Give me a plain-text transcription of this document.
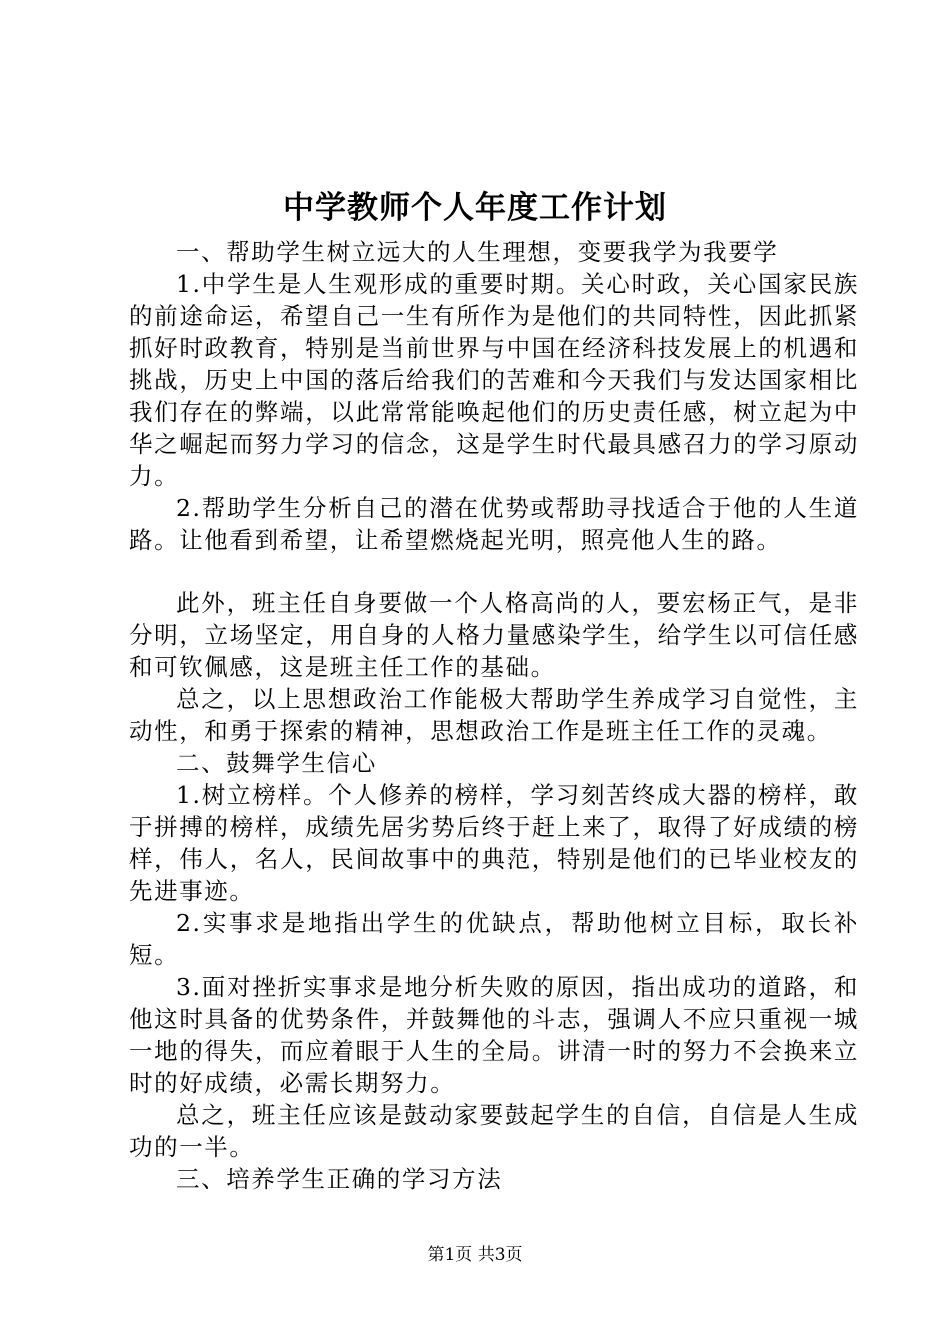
中学教师个人年度工作计划

一、帮助学生树立远大的人生理想，变要我学为我要学

1.中学生是人生观形成的重要时期。关心时政，关心国家民族的前途命运，希望自己一生有所作为是他们的共同特性，因此抓紧抓好时政教育，特别是当前世界与中国在经济科技发展上的机遇和挑战，历史上中国的落后给我们的苦难和今天我们与发达国家相比我们存在的弊端，以此常常能唤起他们的历史责任感，树立起为中华之崛起而努力学习的信念，这是学生时代最具感召力的学习原动力。

2.帮助学生分析自己的潜在优势或帮助寻找适合于他的人生道路。让他看到希望，让希望燃烧起光明，照亮他人生的路。

此外，班主任自身要做一个人格高尚的人，要宏杨正气，是非分明，立场坚定，用自身的人格力量感染学生，给学生以可信任感和可钦佩感，这是班主任工作的基础。

总之，以上思想政治工作能极大帮助学生养成学习自觉性，主动性，和勇于探索的精神，思想政治工作是班主任工作的灵魂。

二、鼓舞学生信心

1.树立榜样。个人修养的榜样，学习刻苦终成大器的榜样，敢于拼搏的榜样，成绩先居劣势后终于赶上来了，取得了好成绩的榜样，伟人，名人，民间故事中的典范，特别是他们的已毕业校友的先进事迹。

2.实事求是地指出学生的优缺点，帮助他树立目标，取长补短。

3.面对挫折实事求是地分析失败的原因，指出成功的道路，和他这时具备的优势条件，并鼓舞他的斗志，强调人不应只重视一城一地的得失，而应着眼于人生的全局。讲清一时的努力不会换来立时的好成绩，必需长期努力。

总之，班主任应该是鼓动家要鼓起学生的自信，自信是人生成功的一半。

三、培养学生正确的学习方法

第1页 共3页
